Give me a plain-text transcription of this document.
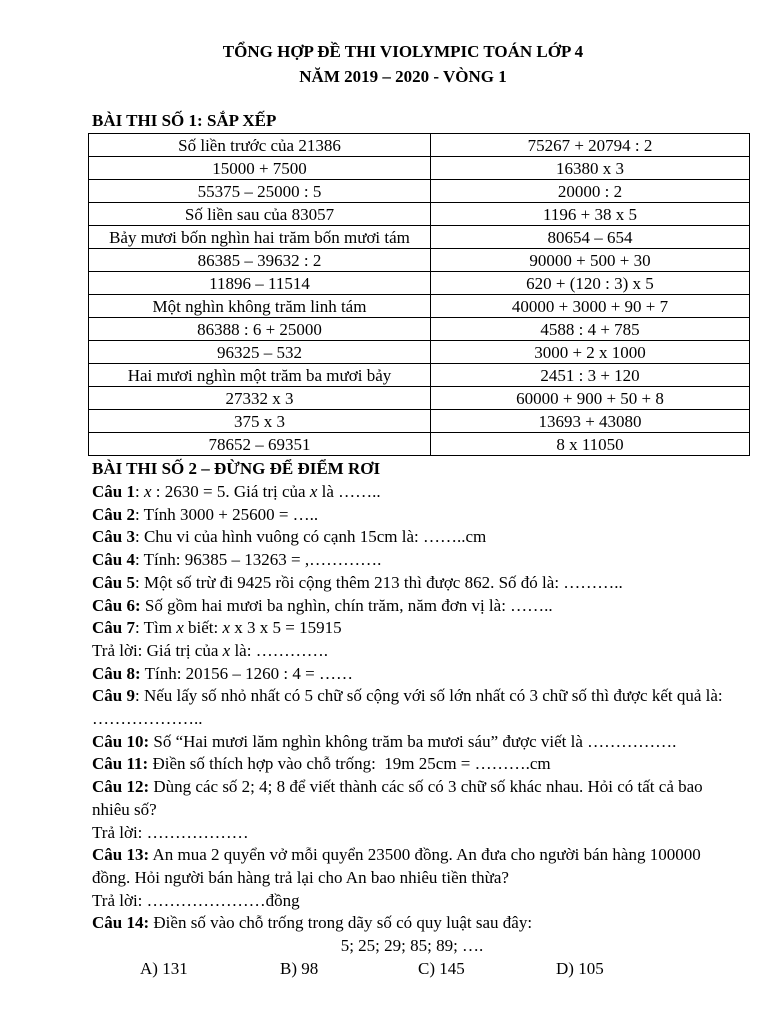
TỔNG HỢP ĐỀ THI VIOLYMPIC TOÁN LỚP 4
NĂM 2019 – 2020 - VÒNG 1
BÀI THI SỐ 1: SẮP XẾP
Số liền trước của 21386	75267 + 20794 : 2
15000 + 7500	16380 x 3
55375 – 25000 : 5	20000 : 2
Số liền sau của 83057	1196 + 38 x 5
Bảy mươi bốn nghìn hai trăm bốn mươi tám	80654 – 654
86385 – 39632 : 2	90000 + 500 + 30
11896 – 11514	620 + (120 : 3) x 5
Một nghìn không trăm linh tám	40000 + 3000 + 90 + 7
86388 : 6 + 25000	4588 : 4 + 785
96325 – 532	3000 + 2 x 1000
Hai mươi nghìn một trăm ba mươi bảy	2451 : 3 + 120
27332 x 3	60000 + 900 + 50 + 8
375 x 3	13693 + 43080
78652 – 69351	8 x 11050
BÀI THI SỐ 2 – ĐỪNG ĐỂ ĐIỂM RƠI
Câu 1: x : 2630 = 5. Giá trị của x là ……..
Câu 2: Tính 3000 + 25600 = …..
Câu 3: Chu vi của hình vuông có cạnh 15cm là: ……..cm
Câu 4: Tính: 96385 – 13263 = ,………….
Câu 5: Một số trừ đi 9425 rồi cộng thêm 213 thì được 862. Số đó là: ………..
Câu 6: Số gồm hai mươi ba nghìn, chín trăm, năm đơn vị là: ……..
Câu 7: Tìm x biết: x x 3 x 5 = 15915
Trả lời: Giá trị của x là: ………….
Câu 8: Tính: 20156 – 1260 : 4 = ……
Câu 9: Nếu lấy số nhỏ nhất có 5 chữ số cộng với số lớn nhất có 3 chữ số thì được kết quả là: ………………..
Câu 10: Số “Hai mươi lăm nghìn không trăm ba mươi sáu” được viết là …………….
Câu 11: Điền số thích hợp vào chỗ trống:  19m 25cm = ……….cm
Câu 12: Dùng các số 2; 4; 8 để viết thành các số có 3 chữ số khác nhau. Hỏi có tất cả bao nhiêu số?
Trả lời: ………………
Câu 13: An mua 2 quyển vở mỗi quyển 23500 đồng. An đưa cho người bán hàng 100000 đồng. Hỏi người bán hàng trả lại cho An bao nhiêu tiền thừa?
Trả lời: …………………đồng
Câu 14: Điền số vào chỗ trống trong dãy số có quy luật sau đây:
5; 25; 29; 85; 89; ….
A) 131	B) 98	C) 145	D) 105
